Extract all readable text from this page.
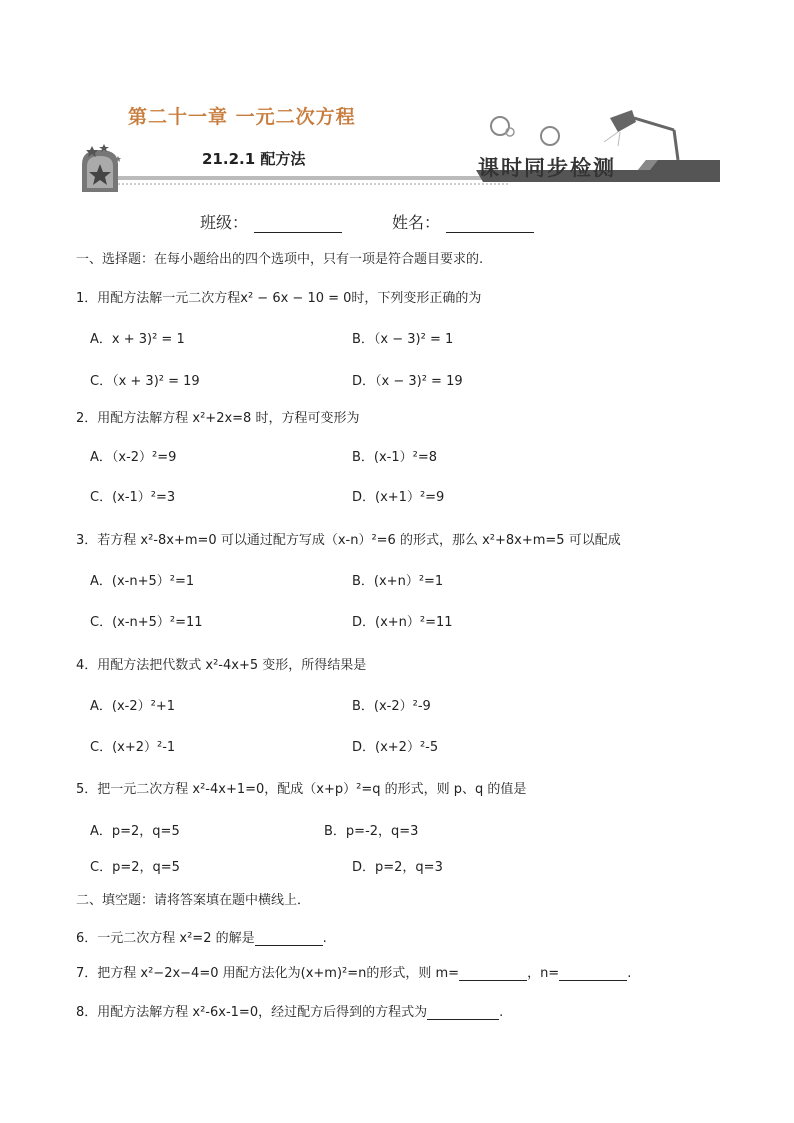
第二十一章 一元二次方程
21.2.1 配方法	课时同步检测
班级：	姓名：
一、选择题：在每小题给出的四个选项中，只有一项是符合题目要求的.
1．用配方法解一元二次方程x² − 6x − 10 = 0时，下列变形正确的为
A．x + 3)² = 1	B．（x − 3)² = 1
C．（x + 3)² = 19	D．（x − 3)² = 19
2．用配方法解方程 x²+2x=8 时，方程可变形为
A．（x-2）²=9	B．(x-1）²=8
C．(x-1）²=3	D．(x+1）²=9
3．若方程 x²-8x+m=0 可以通过配方写成（x-n）²=6 的形式，那么 x²+8x+m=5 可以配成
A．(x-n+5）²=1	B．(x+n）²=1
C．(x-n+5）²=11	D．(x+n）²=11
4．用配方法把代数式 x²-4x+5 变形，所得结果是
A．(x-2）²+1	B．(x-2）²-9
C．(x+2）²-1	D．(x+2）²-5
5．把一元二次方程 x²-4x+1=0，配成（x+p）²=q 的形式，则 p、q 的值是
A．p=2，q=5	B．p=-2，q=3
C．p=2，q=5	D．p=2，q=3
二、填空题：请将答案填在题中横线上．
6．一元二次方程 x²=2 的解是	.
7．把方程 x²−2x−4=0 用配方法化为(x+m)²=n的形式，则 m=	，n=	.
8．用配方法解方程 x²-6x-1=0，经过配方后得到的方程式为	.
